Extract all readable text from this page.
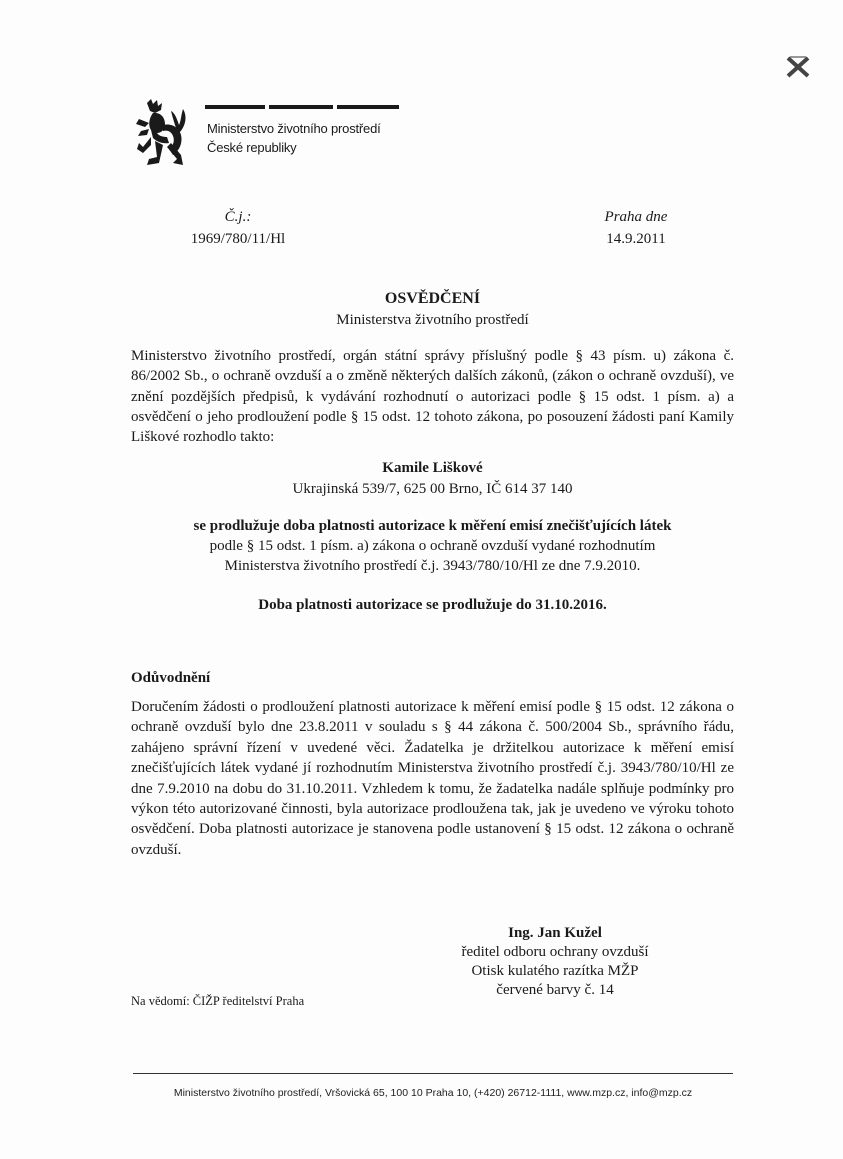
Ministerstvo životního prostředí
České republiky
Č.j.:
1969/780/11/Hl
Praha dne
14.9.2011
OSVĚDČENÍ
Ministerstva životního prostředí

Ministerstvo životního prostředí, orgán státní správy příslušný podle § 43 písm. u) zákona č. 86/2002 Sb., o ochraně ovzduší a o změně některých dalších zákonů, (zákon o ochraně ovzduší), ve znění pozdějších předpisů, k vydávání rozhodnutí o autorizaci podle § 15 odst. 1 písm. a) a osvědčení o jeho prodloužení podle § 15 odst. 12 tohoto zákona, po posouzení žádosti paní Kamily Liškové rozhodlo takto:

Kamile Liškové
Ukrajinská 539/7, 625 00 Brno, IČ 614 37 140
se prodlužuje doba platnosti autorizace k měření emisí znečišťujících látek
podle § 15 odst. 1 písm. a) zákona o ochraně ovzduší vydané rozhodnutím
Ministerstva životního prostředí č.j. 3943/780/10/Hl ze dne 7.9.2010.
Doba platnosti autorizace se prodlužuje do 31.10.2016.
Odůvodnění

Doručením žádosti o prodloužení platnosti autorizace k měření emisí podle § 15 odst. 12 zákona o ochraně ovzduší bylo dne 23.8.2011 v souladu s § 44 zákona č. 500/2004 Sb., správního řádu, zahájeno správní řízení v uvedené věci. Žadatelka je držitelkou autorizace k měření emisí znečišťujících látek vydané jí rozhodnutím Ministerstva životního prostředí č.j. 3943/780/10/Hl ze dne 7.9.2010 na dobu do 31.10.2011. Vzhledem k tomu, že žadatelka nadále splňuje podmínky pro výkon této autorizované činnosti, byla autorizace prodloužena tak, jak je uvedeno ve výroku tohoto osvědčení. Doba platnosti autorizace je stanovena podle ustanovení § 15 odst. 12 zákona o ochraně ovzduší.

Ing. Jan Kužel
ředitel odboru ochrany ovzduší
Otisk kulatého razítka MŽP
červené barvy č. 14
Na vědomí: ČIŽP ředitelství Praha
Ministerstvo životního prostředí, Vršovická 65, 100 10 Praha 10, (+420) 26712-1111, www.mzp.cz, info@mzp.cz
